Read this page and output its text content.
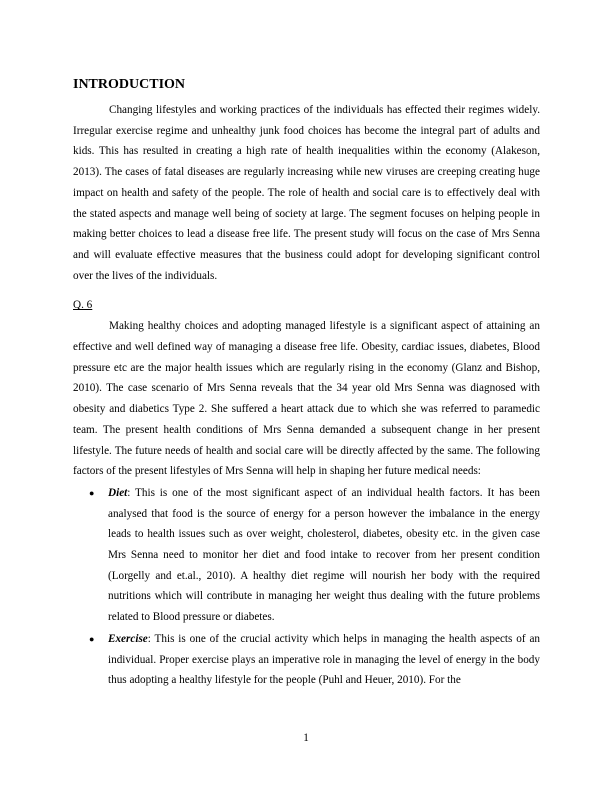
INTRODUCTION

Changing lifestyles and working practices of the individuals has effected their regimes widely. Irregular exercise regime and unhealthy junk food choices has become the integral part of adults and kids. This has resulted in creating a high rate of health inequalities within the economy (Alakeson, 2013). The cases of fatal diseases are regularly increasing while new viruses are creeping creating huge impact on health and safety of the people. The role of health and social care is to effectively deal with the stated aspects and manage well being of society at large. The segment focuses on helping people in making better choices to lead a disease free life. The present study will focus on the case of Mrs Senna and will evaluate effective measures that the business could adopt for developing significant control over the lives of the individuals.

Q. 6

Making healthy choices and adopting managed lifestyle is a significant aspect of attaining an effective and well defined way of managing a disease free life. Obesity, cardiac issues, diabetes, Blood pressure etc are the major health issues which are regularly rising in the economy (Glanz and Bishop, 2010). The case scenario of Mrs Senna reveals that the 34 year old Mrs Senna was diagnosed with obesity and diabetics Type 2. She suffered a heart attack due to which she was referred to paramedic team. The present health conditions of Mrs Senna demanded a subsequent change in her present lifestyle. The future needs of health and social care will be directly affected by the same. The following factors of the present lifestyles of Mrs Senna will help in shaping her future medical needs:

● Diet: This is one of the most significant aspect of an individual health factors. It has been analysed that food is the source of energy for a person however the imbalance in the energy leads to health issues such as over weight, cholesterol, diabetes, obesity etc. in the given case Mrs Senna need to monitor her diet and food intake to recover from her present condition (Lorgelly and et.al., 2010). A healthy diet regime will nourish her body with the required nutritions which will contribute in managing her weight thus dealing with the future problems related to Blood pressure or diabetes.
● Exercise: This is one of the crucial activity which helps in managing the health aspects of an individual. Proper exercise plays an imperative role in managing the level of energy in the body thus adopting a healthy lifestyle for the people (Puhl and Heuer, 2010). For the
1
